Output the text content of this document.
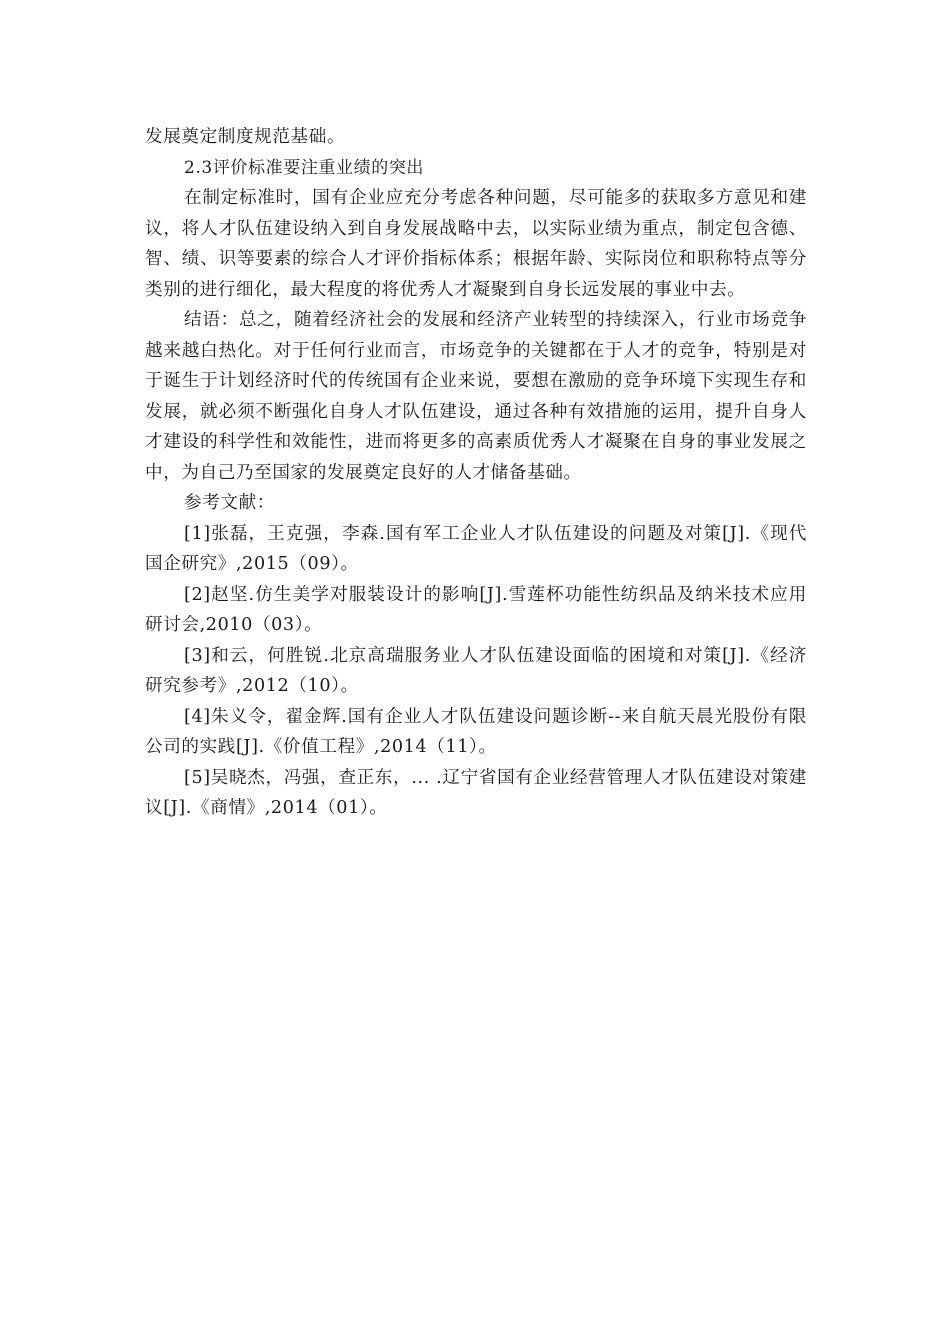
发展奠定制度规范基础。

2.3评价标准要注重业绩的突出

在制定标准时，国有企业应充分考虑各种问题，尽可能多的获取多方意见和建议，将人才队伍建设纳入到自身发展战略中去，以实际业绩为重点，制定包含德、智、绩、识等要素的综合人才评价指标体系；根据年龄、实际岗位和职称特点等分类别的进行细化，最大程度的将优秀人才凝聚到自身长远发展的事业中去。

结语：总之，随着经济社会的发展和经济产业转型的持续深入，行业市场竞争越来越白热化。对于任何行业而言，市场竞争的关键都在于人才的竞争，特别是对于诞生于计划经济时代的传统国有企业来说，要想在激励的竞争环境下实现生存和发展，就必须不断强化自身人才队伍建设，通过各种有效措施的运用，提升自身人才建设的科学性和效能性，进而将更多的高素质优秀人才凝聚在自身的事业发展之中，为自己乃至国家的发展奠定良好的人才储备基础。

参考文献：

[1]张磊，王克强，李森.国有军工企业人才队伍建设的问题及对策[J].《现代国企研究》,2015（09）。

[2]赵坚.仿生美学对服装设计的影响[J].雪莲杯功能性纺织品及纳米技术应用研讨会,2010（03）。

[3]和云，何胜锐.北京高瑞服务业人才队伍建设面临的困境和对策[J].《经济研究参考》,2012（10）。

[4]朱义令，翟金辉.国有企业人才队伍建设问题诊断--来自航天晨光股份有限公司的实践[J].《价值工程》,2014（11）。

[5]吴晓杰，冯强，查正东，... .辽宁省国有企业经营管理人才队伍建设对策建议[J].《商情》,2014（01）。
